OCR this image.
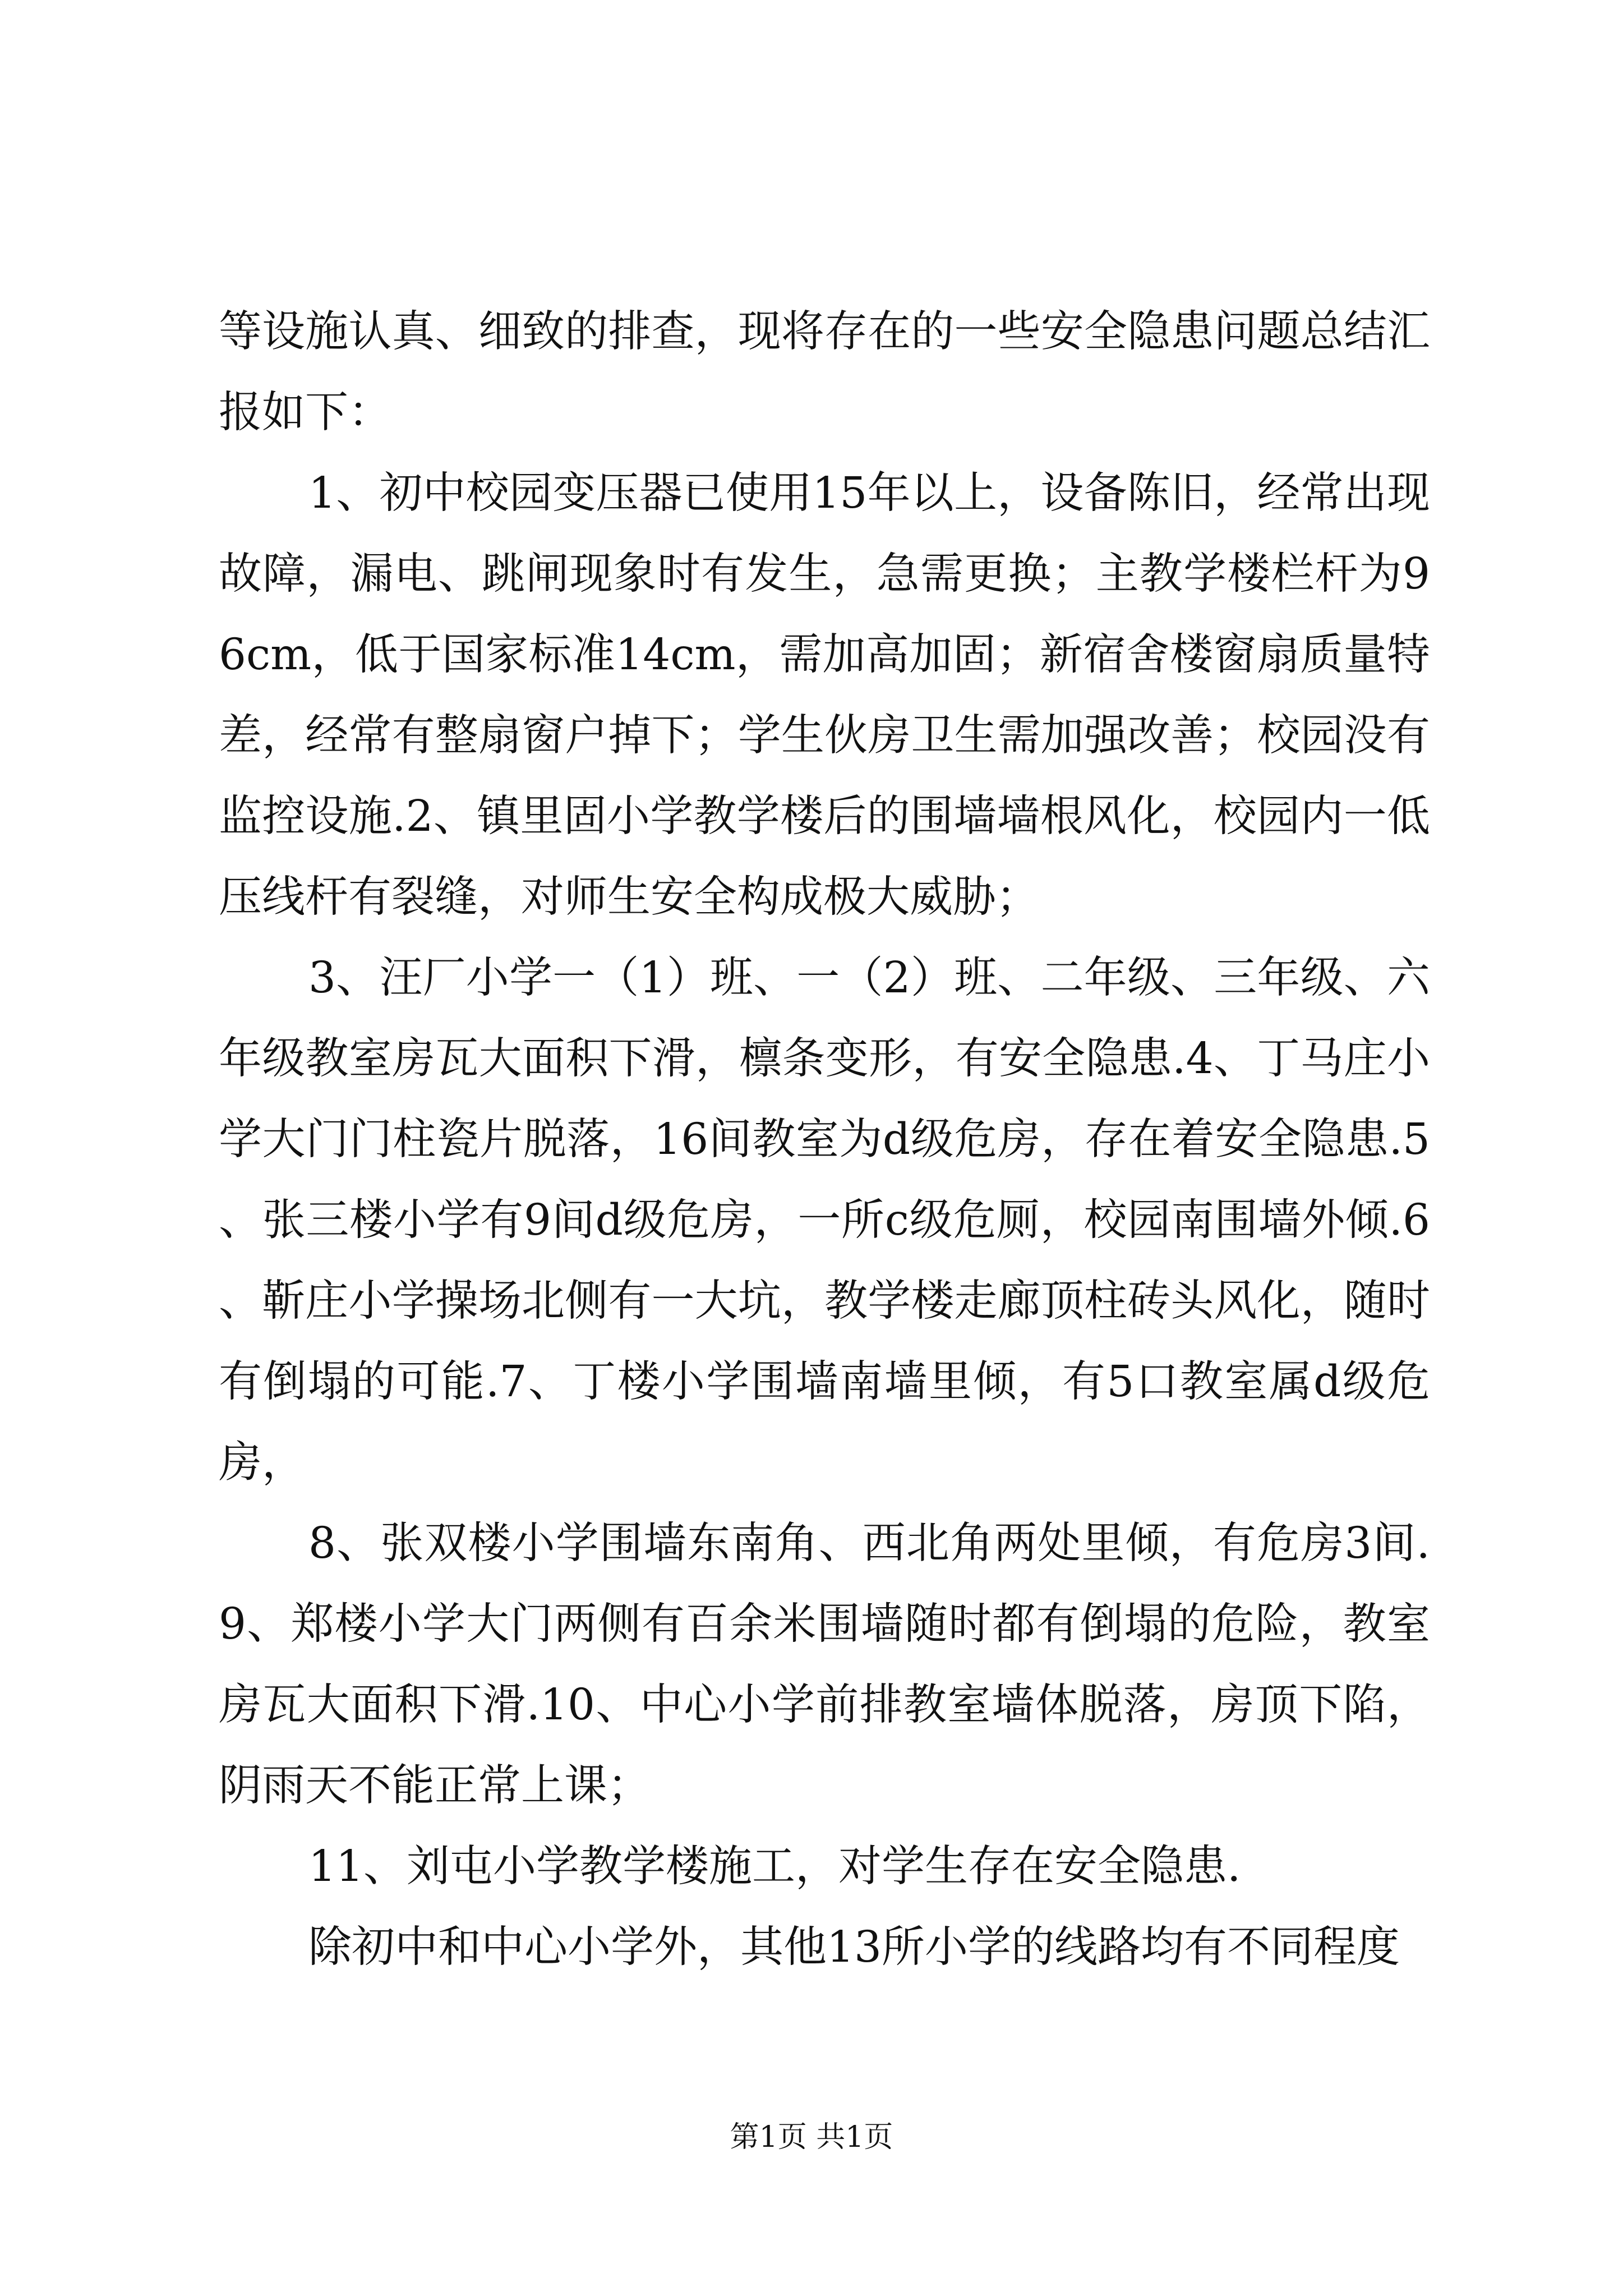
等设施认真、细致的排查，现将存在的一些安全隐患问题总结汇报如下：

1、初中校园变压器已使用15年以上，设备陈旧，经常出现故障，漏电、跳闸现象时有发生，急需更换；主教学楼栏杆为96cm，低于国家标准14cm，需加高加固；新宿舍楼窗扇质量特差，经常有整扇窗户掉下；学生伙房卫生需加强改善；校园没有监控设施.2、镇里固小学教学楼后的围墙墙根风化，校园内一低压线杆有裂缝，对师生安全构成极大威胁；

3、汪厂小学一（1）班、一（2）班、二年级、三年级、六年级教室房瓦大面积下滑，檩条变形，有安全隐患.4、丁马庄小学大门门柱瓷片脱落，16间教室为d级危房，存在着安全隐患.5、张三楼小学有9间d级危房，一所c级危厕，校园南围墙外倾.6、靳庄小学操场北侧有一大坑，教学楼走廊顶柱砖头风化，随时有倒塌的可能.7、丁楼小学围墙南墙里倾，有5口教室属d级危房，

8、张双楼小学围墙东南角、西北角两处里倾，有危房3间.9、郑楼小学大门两侧有百余米围墙随时都有倒塌的危险，教室房瓦大面积下滑.10、中心小学前排教室墙体脱落，房顶下陷，阴雨天不能正常上课；

11、刘屯小学教学楼施工，对学生存在安全隐患.

除初中和中心小学外，其他13所小学的线路均有不同程度

第1页 共1页
